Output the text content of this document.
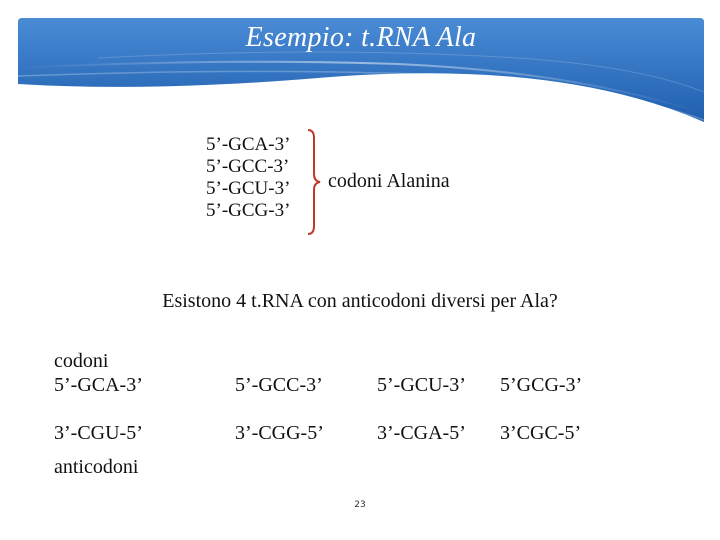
Esempio: t.RNA Ala
5’-GCA-3’
5’-GCC-3’
5’-GCU-3’
5’-GCG-3’
codoni Alanina
Esistono 4 t.RNA con anticodoni diversi per Ala?
codoni
5’-GCA-3’	5’-GCC-3’	5’-GCU-3’ 5’GCG-3’
3’-CGU-5’	3’-CGG-5’	3’-CGA-5’ 3’CGC-5’
anticodoni
23
